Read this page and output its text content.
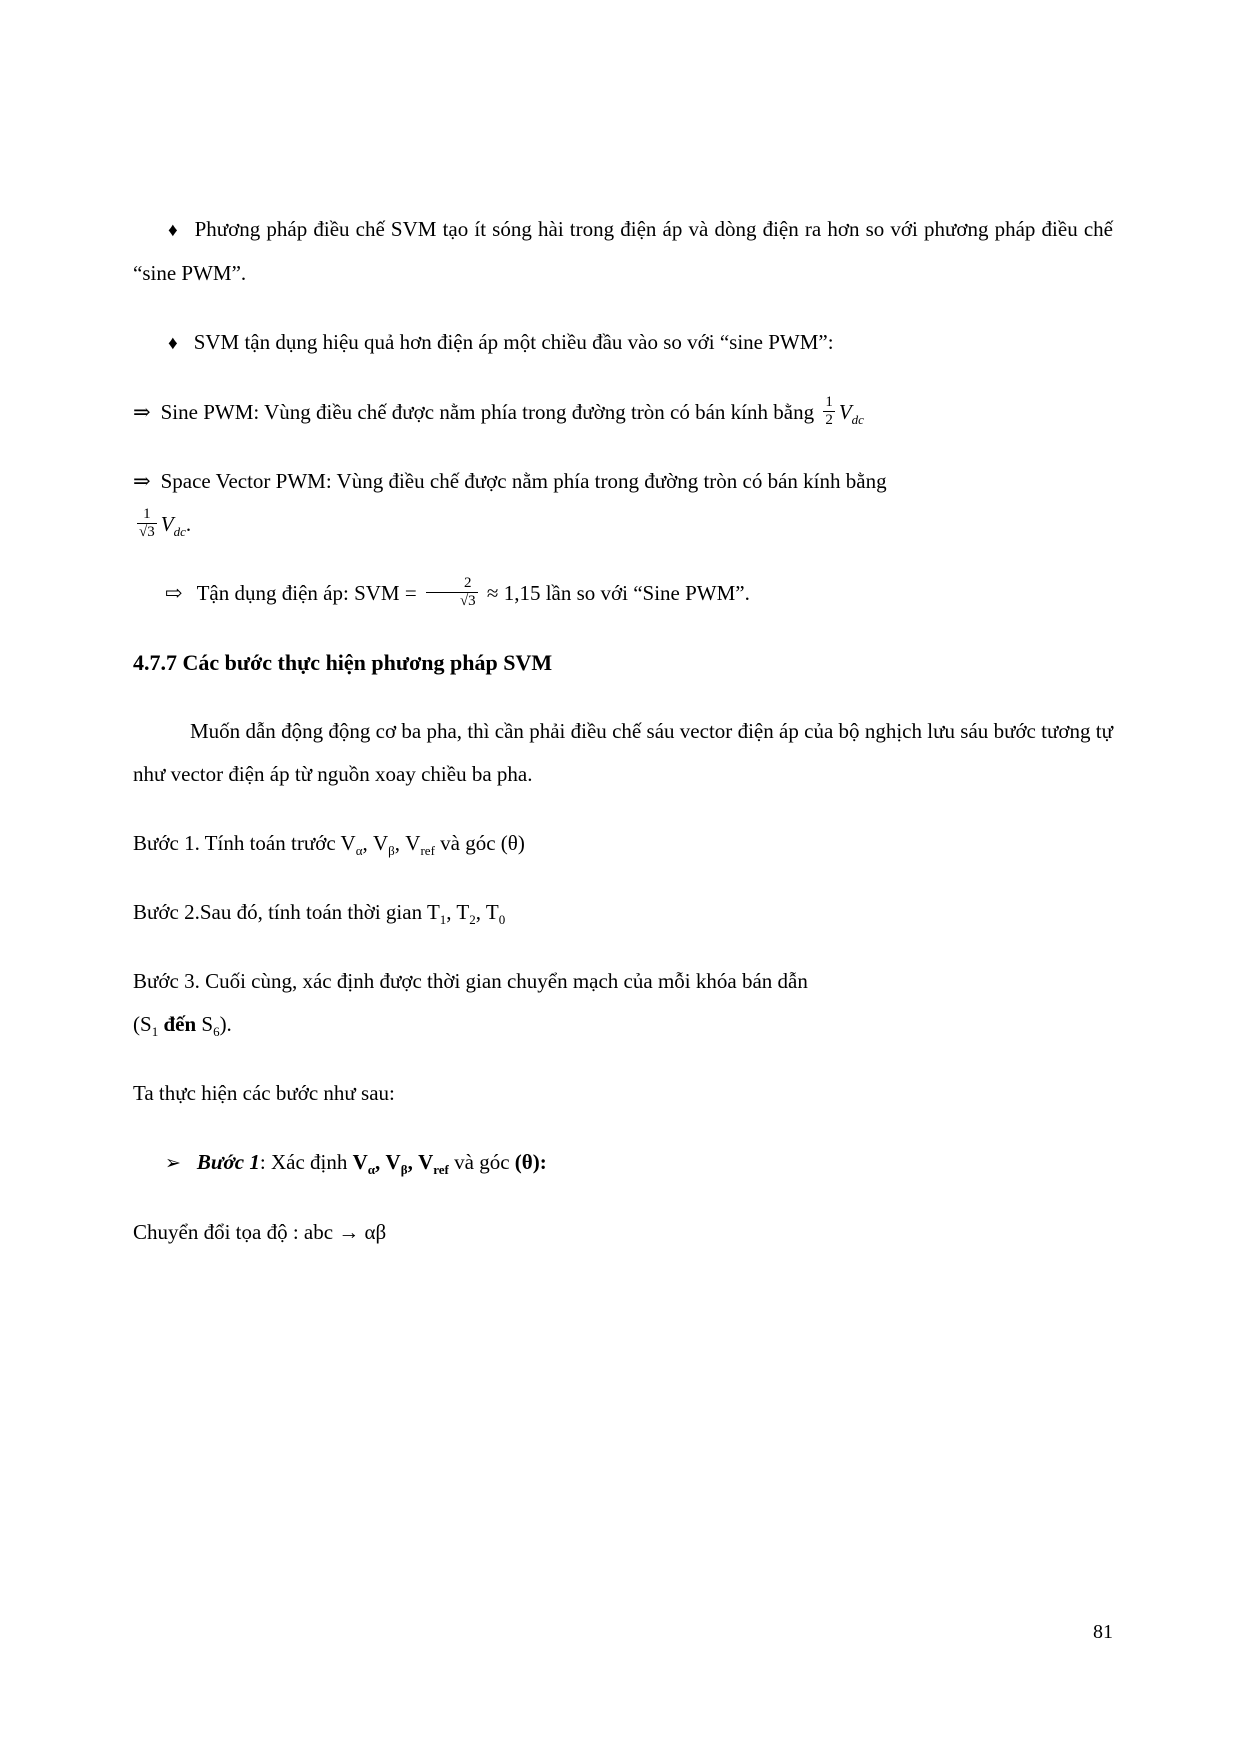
♦ Phương pháp điều chế SVM tạo ít sóng hài trong điện áp và dòng điện ra hơn so với phương pháp điều chế “sine PWM”.

♦ SVM tận dụng hiệu quả hơn điện áp một chiều đầu vào so với “sine PWM”:

⇒ Sine PWM: Vùng điều chế được nằm phía trong đường tròn có bán kính bằng $\frac{1}{2} V_{dc}$

⇒ Space Vector PWM: Vùng điều chế được nằm phía trong đường tròn có bán kính bằng

$\frac{1}{√3} V_{dc}$.

⇨ Tận dụng điện áp: SVM = $\frac{2}{√3} \approx 1,15$ lần so với “Sine PWM”.

4.7.7 Các bước thực hiện phương pháp SVM

Muốn dẫn động động cơ ba pha, thì cần phải điều chế sáu vector điện áp của bộ nghịch lưu sáu bước tương tự như vector điện áp từ nguồn xoay chiều ba pha.

Bước 1. Tính toán trước $V_\alpha$, $V_\beta$, $V_{ref}$ và góc (θ)

Bước 2.Sau đó, tính toán thời gian $T_1$, $T_2$, $T_0$

Bước 3. Cuối cùng, xác định được thời gian chuyển mạch của mỗi khóa bán dẫn
($S_1$ đến $S_6$).

Ta thực hiện các bước như sau:

➢ Bước 1: Xác định $V_\alpha$, $V_\beta$, $V_{ref}$ và góc (θ):

Chuyển đổi tọa độ : abc → αβ

81
